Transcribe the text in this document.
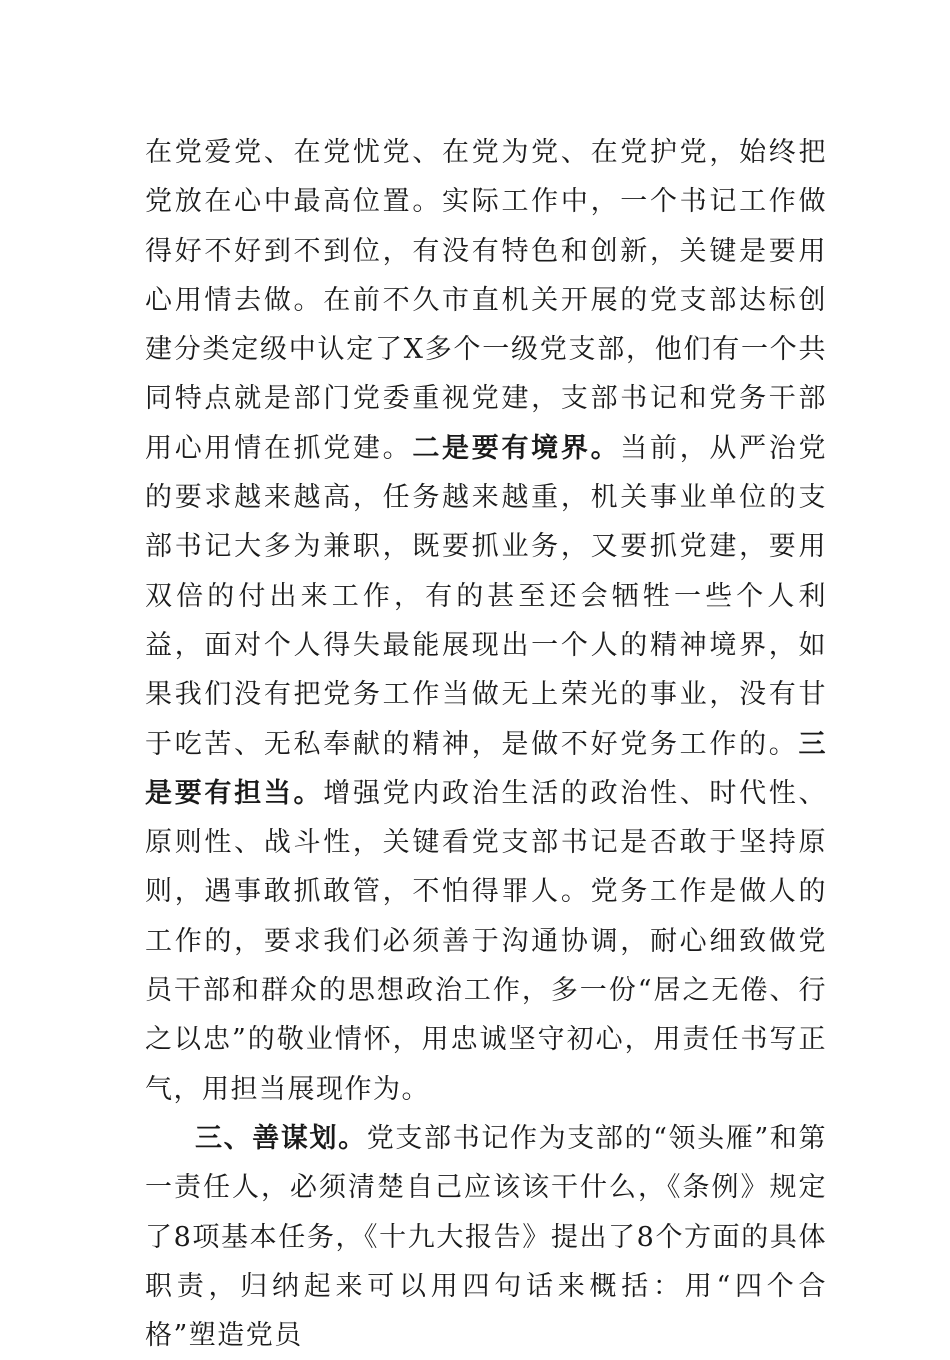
在党爱党、在党忧党、在党为党、在党护党，始终把党放在心中最高位置。实际工作中，一个书记工作做得好不好到不到位，有没有特色和创新，关键是要用心用情去做。在前不久市直机关开展的党支部达标创建分类定级中认定了X多个一级党支部，他们有一个共同特点就是部门党委重视党建，支部书记和党务干部用心用情在抓党建。二是要有境界。当前，从严治党的要求越来越高，任务越来越重，机关事业单位的支部书记大多为兼职，既要抓业务，又要抓党建，要用双倍的付出来工作，有的甚至还会牺牲一些个人利益，面对个人得失最能展现出一个人的精神境界，如果我们没有把党务工作当做无上荣光的事业，没有甘于吃苦、无私奉献的精神，是做不好党务工作的。三是要有担当。增强党内政治生活的政治性、时代性、原则性、战斗性，关键看党支部书记是否敢于坚持原则，遇事敢抓敢管，不怕得罪人。党务工作是做人的工作的，要求我们必须善于沟通协调，耐心细致做党员干部和群众的思想政治工作，多一份“居之无倦、行之以忠”的敬业情怀，用忠诚坚守初心，用责任书写正气，用担当展现作为。

三、善谋划。党支部书记作为支部的“领头雁”和第一责任人，必须清楚自己应该该干什么，《条例》规定了8项基本任务，《十九大报告》提出了8个方面的具体职责，归纳起来可以用四句话来概括：用“四个合格”塑造党员
